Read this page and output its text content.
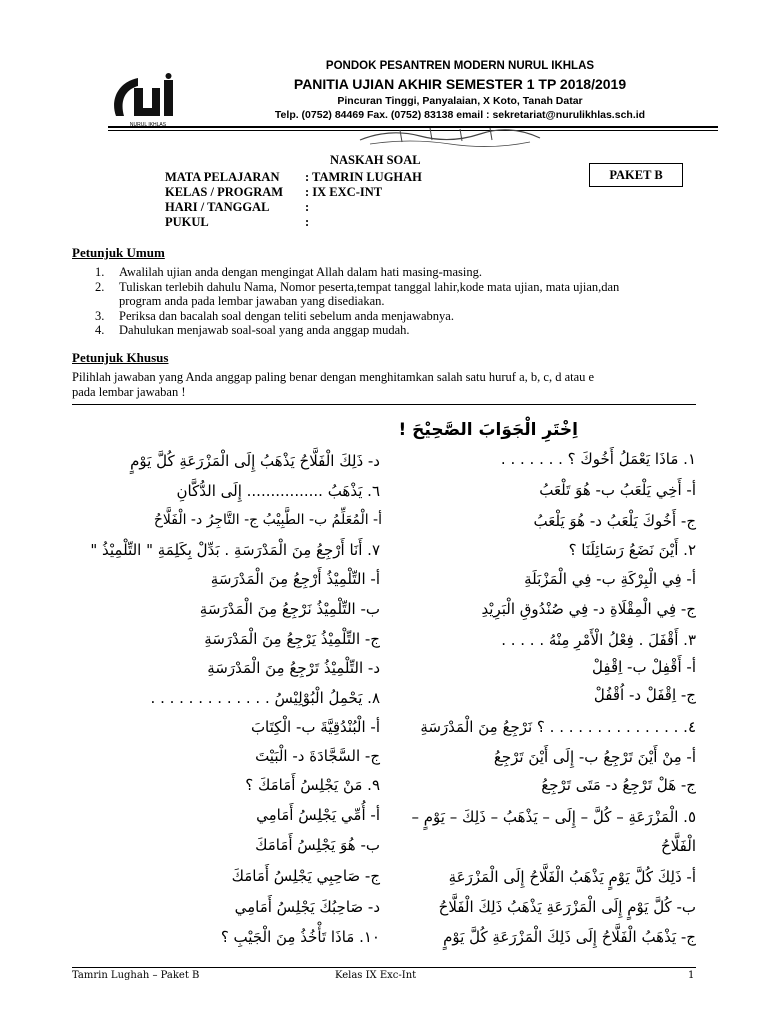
NURUL IKHLAS
PONDOK PESANTREN MODERN NURUL IKHLAS
PANITIA UJIAN AKHIR SEMESTER 1 TP 2018/2019
Pincuran Tinggi, Panyalaian, X Koto, Tanah Datar
Telp. (0752) 84469 Fax. (0752) 83138 email : sekretariat@nurulikhlas.sch.id
NASKAH SOAL
PAKET B
MATA PELAJARAN : TAMRIN LUGHAH
KELAS / PROGRAM : IX EXC-INT
HARI / TANGGAL	:
PUKUL	:
Petunjuk Umum
1. Awalilah ujian anda dengan mengingat Allah dalam hati masing-masing.
2. Tuliskan terlebih dahulu Nama, Nomor peserta,tempat tanggal lahir,kode mata ujian, mata ujian,dan
program anda pada lembar jawaban yang disediakan.
3. Periksa dan bacalah soal dengan teliti sebelum anda menjawabnya.
4. Dahulukan menjawab soal-soal yang anda anggap mudah.
Petunjuk Khusus
Pilihlah jawaban yang Anda anggap paling benar dengan menghitamkan salah satu huruf a, b, c, d atau e
pada lembar jawaban !
اِخْتَرِ الْجَوَابَ الصَّحِيْحَ !
١. مَاذَا يَعْمَلُ أَخُوكَ ؟ . . . . . . .
أ- أَخِي يَلْعَبُ ب- هُوَ تَلْعَبُ
ج- أَخُوكَ يَلْعَبُ د- هُوَ يَلْعَبُ
٢. أَيْنَ نَضَعُ رَسَائِلَنَا ؟
أ- فِي الْبِرْكَةِ ب- فِي الْمَزْبَلَةِ
ج- فِي الْمِقْلَاةِ د- فِي صُنْدُوقِ الْبَرِيْدِ
٣. أَقْفَلَ . فِعْلُ الْأَمْرِ مِنْهُ . . . . .
أ- أَقْفِلْ ب- اِقْفِلْ
ج- اِقْفَلْ د- اُقْفُلْ
٤. . . . . . . . . . . . . . . ؟ نَرْجِعُ مِنَ الْمَدْرَسَةِ
أ- مِنْ أَيْنَ تَرْجِعُ ب- إِلَى أَيْنَ تَرْجِعُ
ج- هَلْ تَرْجِعُ د- مَتَى تَرْجِعُ
٥. الْمَزْرَعَةِ – كُلَّ – إِلَى – يَذْهَبُ – ذَلِكَ – يَوْمٍ –
الْفَلَّاحُ
أ- ذَلِكَ كُلَّ يَوْمٍ يَذْهَبُ الْفَلَّاحُ إِلَى الْمَزْرَعَةِ
ب- كُلَّ يَوْمٍ إِلَى الْمَزْرَعَةِ يَذْهَبُ ذَلِكَ الْفَلَّاحُ
ج- يَذْهَبُ الْفَلَّاحُ إِلَى ذَلِكَ الْمَزْرَعَةِ كُلَّ يَوْمٍ
د- ذَلِكَ الْفَلَّاحُ يَذْهَبُ إِلَى الْمَزْرَعَةِ كُلَّ يَوْمٍ
٦. يَذْهَبُ ................ إِلَى الدُّكَّانِ
أ- الْمُعَلِّمُ ب- الطَّبِيْبُ ج- التَّاجِرُ د- الْفَلَّاحُ
٧. أَنَا أَرْجِعُ مِنَ الْمَدْرَسَةِ . بَدِّلْ بِكَلِمَةِ " التِّلْمِيْذُ "
أ- التِّلْمِيْذُ أَرْجِعُ مِنَ الْمَدْرَسَةِ
ب- التِّلْمِيْذُ نَرْجِعُ مِنَ الْمَدْرَسَةِ
ج- التِّلْمِيْذُ يَرْجِعُ مِنَ الْمَدْرَسَةِ
د- التِّلْمِيْذُ تَرْجِعُ مِنَ الْمَدْرَسَةِ
٨. يَحْمِلُ الْبُوْلِيْسُ . . . . . . . . . . . . .
أ- الْبُنْدُقِيَّةَ ب- الْكِتَابَ
ج- السَّجَّادَةَ د- الْبَيْتَ
٩. مَنْ يَجْلِسُ أَمَامَكَ ؟
أ- أُمِّي يَجْلِسُ أَمَامِي
ب- هُوَ يَجْلِسُ أَمَامَكَ
ج- صَاحِبِي يَجْلِسُ أَمَامَكَ
د- صَاحِبُكَ يَجْلِسُ أَمَامِي
١٠. مَاذَا تَأْخُذُ مِنَ الْجَيْبِ ؟
Tamrin Lughah – Paket B	Kelas IX Exc-Int	1
